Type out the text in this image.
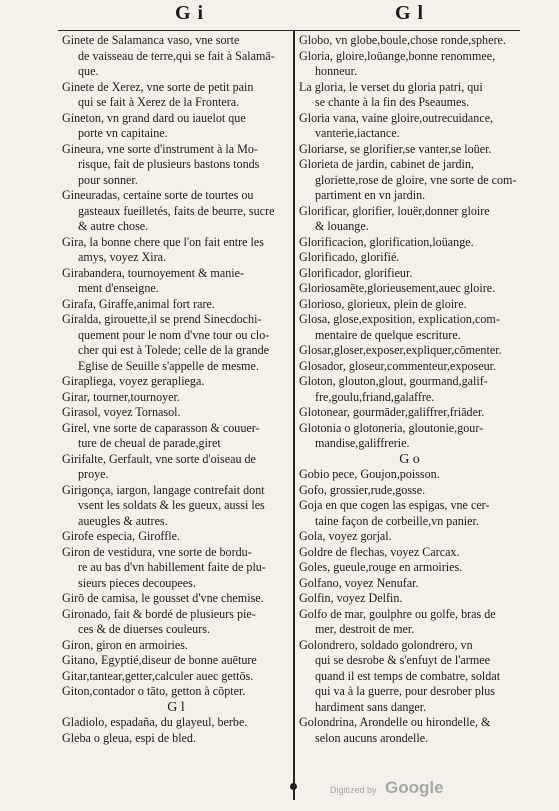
G i	G l
Ginete de Salamanca vaso, vne sorte
de vaisseau de terre,qui se fait à Salamā-
que.
Ginete de Xerez, vne sorte de petit pain
qui se fait à Xerez de la Frontera.
Gineton, vn grand dard ou iauelot que
porte vn capitaine.
Gineura, vne sorte d'instrument à la Mo-
risque, fait de plusieurs bastons tonds
pour sonner.
Gineuradas, certaine sorte de tourtes ou
gasteaux fueilletés, faits de beurre, sucre
& autre chose.
Gira, la bonne chere que l'on fait entre les
amys, voyez Xira.
Girabandera, tournoyement & manie-
ment d'enseigne.
Girafa, Giraffe,animal fort rare.
Giralda, girouette,il se prend Sinecdochi-
quement pour le nom d'vne tour ou clo-
cher qui est à Tolede; celle de la grande
Eglise de Seuille s'appelle de mesme.
Girapliega, voyez gerapliega.
Girar, tourner,tournoyer.
Girasol, voyez Tornasol.
Girel, vne sorte de caparasson & couuer-
ture de cheual de parade,giret
Girifalte, Gerfault, vne sorte d'oiseau de
proye.
Girigonça, iargon, langage contrefait dont
vsent les soldats & les gueux, aussi les
aueugles & autres.
Girofe especia, Giroffle.
Giron de vestidura, vne sorte de bordu-
re au bas d'vn habillement faite de plu-
sieurs pieces decoupees.
Girō de camisa, le gousset d'vne chemise.
Gironado, fait & bordé de plusieurs pie-
ces & de diuerses couleurs.
Giron, giron en armoiries.
Gitano, Egyptié,diseur de bonne auēture
Gitar,tantear,getter,calculer auec gettōs.
Giton,contador o tāto, getton à cōpter.
G l
Gladiolo, espadaña, du glayeul, berbe.
Gleba o gleua, espi de bled.
Globo, vn globe,boule,chose ronde,sphere.
Gloria, gloire,loüange,bonne renommee,
honneur.
La gloria, le verset du gloria patri, qui
se chante à la fin des Pseaumes.
Gloria vana, vaine gloire,outrecuidance,
vanterie,iactance.
Gloriarse, se glorifier,se vanter,se loüer.
Glorieta de jardin, cabinet de jardin,
gloriette,rose de gloire, vne sorte de com-
partiment en vn jardin.
Glorificar, glorifier, louër,donner gloire
& louange.
Glorificacion, glorification,loüange.
Glorificado, glorifié.
Glorificador, glorifieur.
Gloriosamēte,glorieusement,auec gloire.
Glorioso, glorieux, plein de gloire.
Glosa, glose,exposition, explication,com-
mentaire de quelque escriture.
Glosar,gloser,exposer,expliquer,cōmenter.
Glosador, gloseur,commenteur,exposeur.
Gloton, glouton,glout, gourmand,galif-
fre,goulu,friand,galaffre.
Glotonear, gourmāder,galiffrer,friāder.
Glotonia o glotoneria, gloutonie,gour-
mandise,galiffrerie.
G o
Gobio pece, Goujon,poisson.
Gofo, grossier,rude,gosse.
Goja en que cogen las espigas, vne cer-
taine façon de corbeille,vn panier.
Gola, voyez gorjal.
Goldre de flechas, voyez Carcax.
Goles, gueule,rouge en armoiries.
Golfano, voyez Nenufar.
Golfin, voyez Delfin.
Golfo de mar, goulphre ou golfe, bras de
mer, destroit de mer.
Golondrero, soldado golondrero, vn
qui se desrobe & s'enfuyt de l'armee
quand il est temps de combatre, soldat
qui va à la guerre, pour desrober plus
hardiment sans danger.
Golondrina, Arondelle ou hirondelle, &
selon aucuns arondelle.
Digitized by Google
